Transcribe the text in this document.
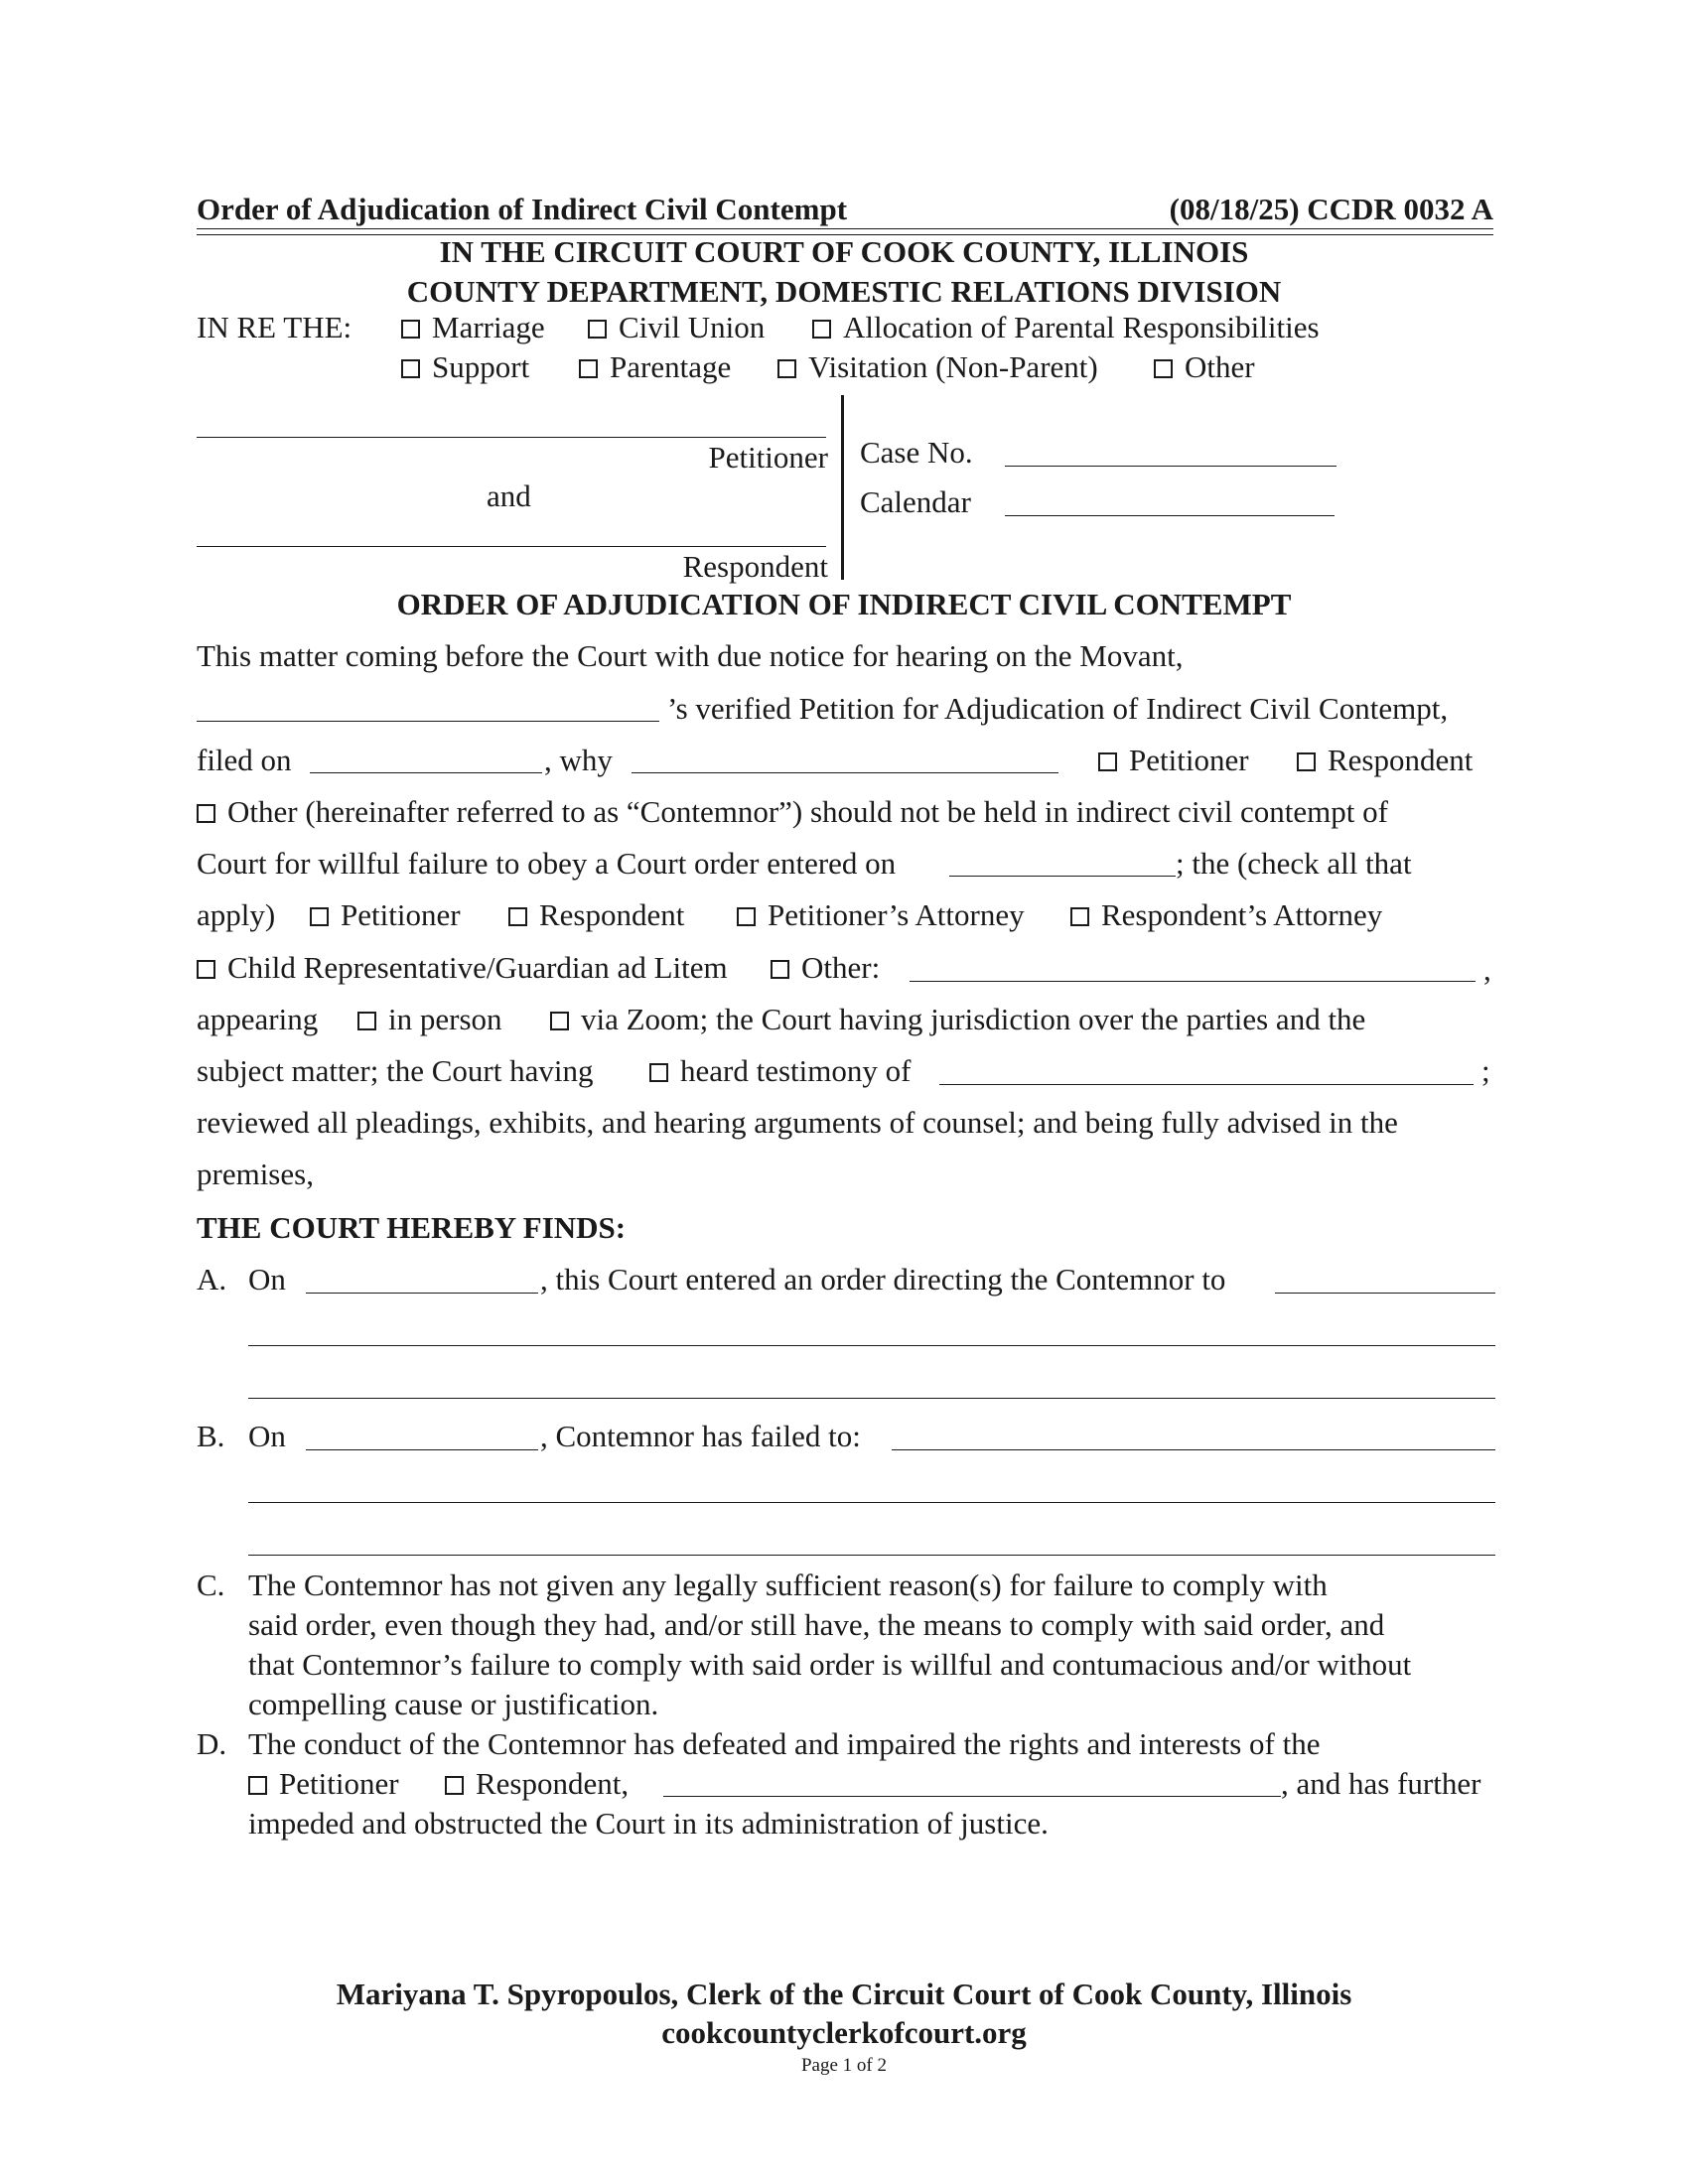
Order of Adjudication of Indirect Civil Contempt	(08/18/25) CCDR 0032 A
IN THE CIRCUIT COURT OF COOK COUNTY, ILLINOIS
COUNTY DEPARTMENT, DOMESTIC RELATIONS DIVISION
IN RE THE:	Marriage	Civil Union	Allocation of Parental Responsibilities
Support	Parentage	Visitation (Non-Parent)	Other
Petitioner
and
Respondent
Case No.
Calendar
ORDER OF ADJUDICATION OF INDIRECT CIVIL CONTEMPT
This matter coming before the Court with due notice for hearing on the Movant,
’s verified Petition for Adjudication of Indirect Civil Contempt,
filed on	, why	Petitioner	Respondent
Other (hereinafter referred to as “Contemnor”) should not be held in indirect civil contempt of
Court for willful failure to obey a Court order entered on	; the (check all that
apply)	Petitioner	Respondent	Petitioner’s Attorney	Respondent’s Attorney
Child Representative/Guardian ad Litem	Other:	,
appearing	in person	via Zoom; the Court having jurisdiction over the parties and the
subject matter; the Court having	heard testimony of	;
reviewed all pleadings, exhibits, and hearing arguments of counsel; and being fully advised in the
premises,
THE COURT HEREBY FINDS:
A. On	, this Court entered an order directing the Contemnor to
B. On	, Contemnor has failed to:
C. The Contemnor has not given any legally sufficient reason(s) for failure to comply with
said order, even though they had, and/or still have, the means to comply with said order, and
that Contemnor’s failure to comply with said order is willful and contumacious and/or without
compelling cause or justification.
D. The conduct of the Contemnor has defeated and impaired the rights and interests of the
Petitioner	Respondent,	, and has further
impeded and obstructed the Court in its administration of justice.
Mariyana T. Spyropoulos, Clerk of the Circuit Court of Cook County, Illinois
cookcountyclerkofcourt.org
Page 1 of 2
